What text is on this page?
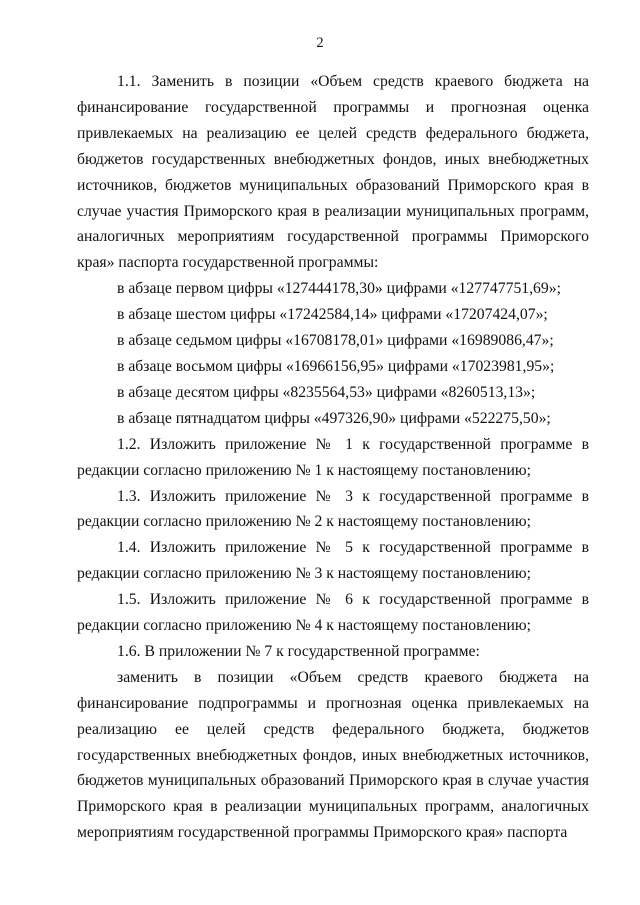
2

1.1. Заменить в позиции «Объем средств краевого бюджета на финансирование государственной программы и прогнозная оценка привлекаемых на реализацию ее целей средств федерального бюджета, бюджетов государственных внебюджетных фондов, иных внебюджетных источников, бюджетов муниципальных образований Приморского края в случае участия Приморского края в реализации муниципальных программ, аналогичных мероприятиям государственной программы Приморского края» паспорта государственной программы:

в абзаце первом цифры «127444178,30» цифрами «127747751,69»;

в абзаце шестом цифры «17242584,14» цифрами «17207424,07»;

в абзаце седьмом цифры «16708178,01» цифрами «16989086,47»;

в абзаце восьмом цифры «16966156,95» цифрами «17023981,95»;

в абзаце десятом цифры «8235564,53» цифрами «8260513,13»;

в абзаце пятнадцатом цифры «497326,90» цифрами «522275,50»;

1.2. Изложить приложение № 1 к государственной программе в редакции согласно приложению № 1 к настоящему постановлению;

1.3. Изложить приложение № 3 к государственной программе в редакции согласно приложению № 2 к настоящему постановлению;

1.4. Изложить приложение № 5 к государственной программе в редакции согласно приложению № 3 к настоящему постановлению;

1.5. Изложить приложение № 6 к государственной программе в редакции согласно приложению № 4 к настоящему постановлению;

1.6. В приложении № 7 к государственной программе:

заменить в позиции «Объем средств краевого бюджета на финансирование подпрограммы и прогнозная оценка привлекаемых на реализацию ее целей средств федерального бюджета, бюджетов государственных внебюджетных фондов, иных внебюджетных источников, бюджетов муниципальных образований Приморского края в случае участия Приморского края в реализации муниципальных программ, аналогичных мероприятиям государственной программы Приморского края» паспорта
